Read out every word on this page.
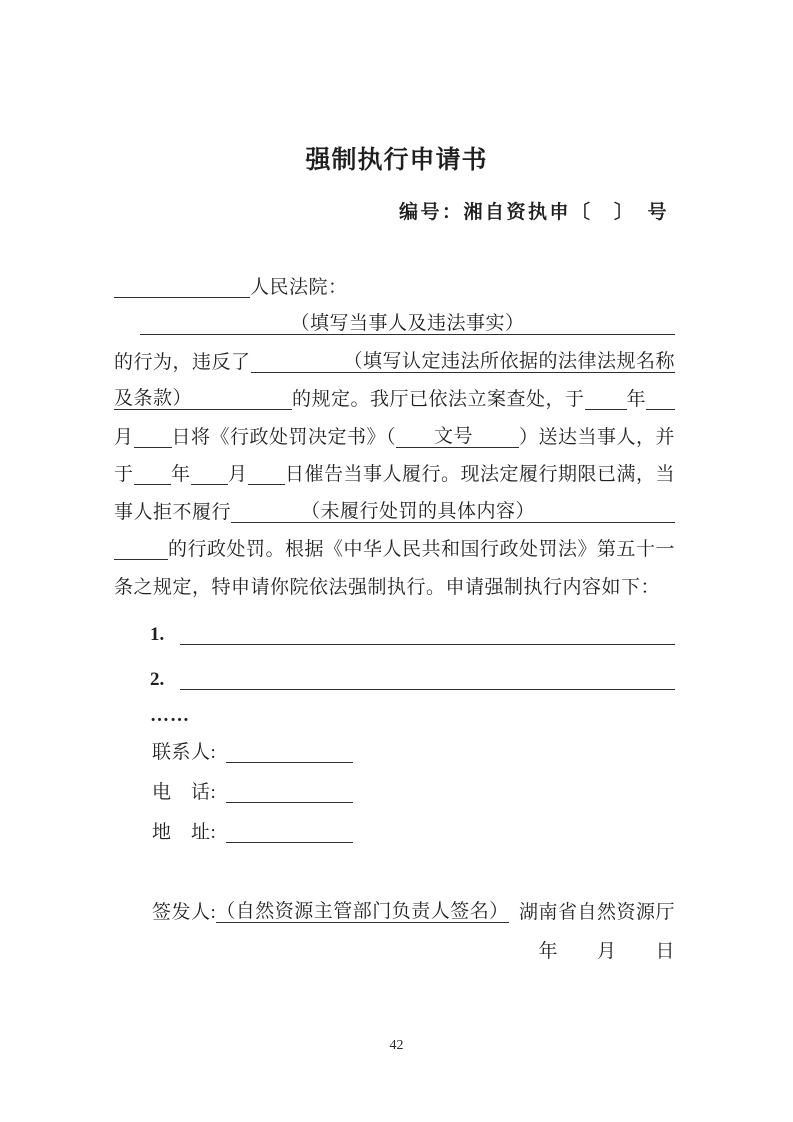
强制执行申请书
编号：湘自资执申〔　〕　号
人民法院：
（填写当事人及违法事实）
的行为，违反了	（填写认定违法所依据的法律法规名称
及条款）	的规定。我厅已依法立案查处，于 年
月 日将《行政处罚决定书》（ 文号 ）送达当事人，并
于 年 月 日催告当事人履行。现法定履行期限已满，当
事人拒不履行	（未履行处罚的具体内容）
的行政处罚。根据《中华人民共和国行政处罚法》第五十一
条之规定，特申请你院依法强制执行。申请强制执行内容如下：
1.
2.
……
联系人:
电　话:
地　址:
签发人: （自然资源主管部门负责人签名） 湖南省自然资源厅
年　　月　　日
42
